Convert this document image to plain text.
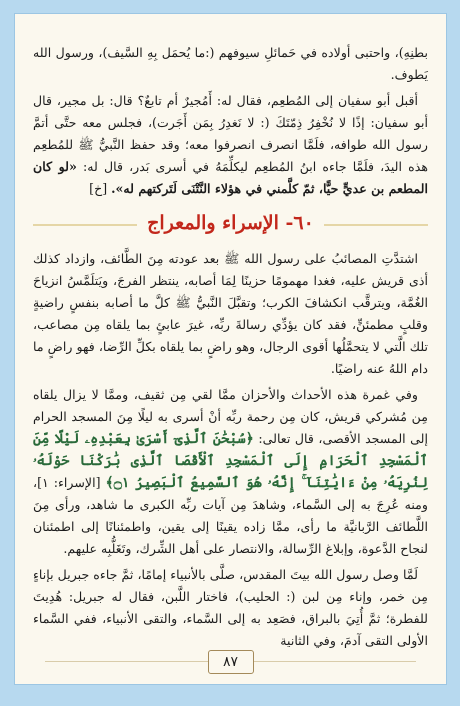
بطنِهِ)، واحتبى أولاده في حَمائلِ سيوفهم (:ما يُحمَل بِهِ السَّيف)، ورسول الله يَطوف.

أقبل أبو سفيان إلى المُطعِم، فقال له: أَمُجيرٌ أم تابعٌ؟ قال: بل مجير، قال أبو سفيان: إذًا لا نُخْفِرُ ذِمّتَكَ (: لا نَغدِرُ بِمَن أَجَرت)، فجلس معه حتَّى أتمَّ رسول الله طوافه، فلَمَّا انصرف انصرفوا معه؛ وقد حفظ النَّبيُّ ﷺ للمُطعِم هذه اليدَ، فلَمَّا جاءه ابنُ المُطعِم ليكلِّمَهُ في أسرى بَدر، قال له: «لو كان المطعم بن عديٍّ حيًّا، ثمّ كلَّمني في هؤلاء النَّتْنَى لَتَركتهم له». [خ]

٦٠- الإسراء والمعراج

اشتدَّتِ المصائبُ على رسول الله ﷺ بعد عودته مِنَ الطَّائف، وازداد كذلك أذى قريش عليه، فغدا مهمومًا حزينًا لِمَا أصابه، ينتظر الفرجَ، ويَتلَمَّسُ انزياحَ الغُمَّة، ويترقَّب انكشافَ الكرب؛ وتقبَّلَ النَّبيُّ ﷺ كلَّ ما أصابه بنفسٍ راضيةٍ وقلبٍ مطمئنٍّ، فقد كان يؤدِّي رسالةَ ربِّه، غيرَ عابئٍ بما يلقاه مِن مصاعب، تلك الَّتي لا يتحمَّلُها أقوى الرجال، وهو راضٍ بما يلقاه بكلِّ الرِّضا، فهو راضٍ ما دام اللهُ عنه راضيًا.

وفي غمرة هذه الأحداث والأحزان ممَّا لقي مِن ثقيف، وممَّا لا يزال يلقاه مِن مُشركي قريش، كان مِن رحمة ربِّه أنْ أسرى به ليلًا مِنَ المسجد الحرام إلى المسجد الأقصى، قال تعالى: ﴿سُبْحَٰنَ ٱلَّذِىٓ أَسْرَىٰ بِعَبْدِهِۦ لَيْلًا مِّنَ ٱلْمَسْجِدِ ٱلْحَرَامِ إِلَى ٱلْمَسْجِدِ ٱلْأَقْصَا ٱلَّذِى بَٰرَكْنَا حَوْلَهُۥ لِنُرِيَهُۥ مِنْ ءَايَٰتِنَآ ۚ إِنَّهُۥ هُوَ ٱلسَّمِيعُ ٱلْبَصِيرُ ۝١﴾ [الإسراء: ١]، ومنه عُرِجَ به إلى السَّماء، وشاهدَ مِن آيات ربِّه الكبرى ما شاهد، ورأى مِنَ اللَّطائف الرَّبانيَّة ما رأى، ممَّا زاده يقينًا إلى يقين، واطمئنانًا إلى اطمئنان لنجاح الدَّعوة، وإبلاغ الرِّسالة، والانتصار على أهل الشِّرك، وتَغَلُّبِه عليهم.

لَمَّا وصل رسول الله بيتَ المقدس، صلَّى بالأنبياء إمامًا، ثمَّ جاءه جبريل بإناءٍ مِن خمر، وإناء مِن لبن (: الحليب)، فاختار اللَّبن، فقال له جبريل: هُدِيتَ للفطرة؛ ثمَّ أُتِيَ بالبراق، فصَعِد به إلى السَّماء، والتقى الأنبياء، ففي السَّماء الأولى التقى آدمَ، وفي الثانية

٨٧
